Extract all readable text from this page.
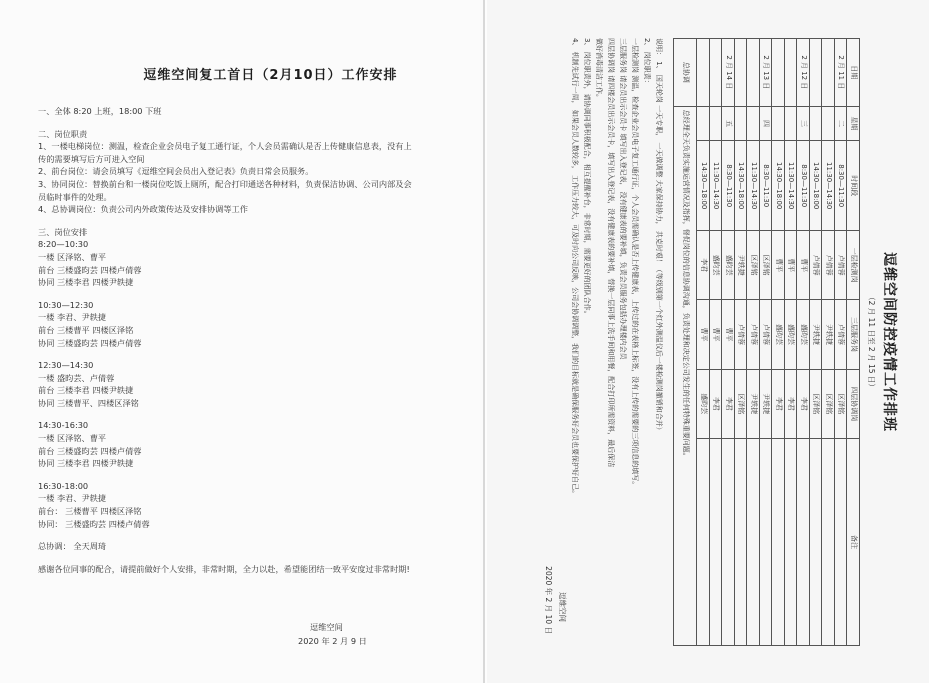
逗维空间复工首日（2月10日）工作安排
一、全体 8:20 上班，18:00 下班
二、岗位职责
1、一楼电梯岗位：测温，检查企业会员电子复工通行证，个人会员需确认是否上传健康信息表，没有上
传的需要填写后方可进入空间
2、前台岗位：请会员填写《逗维空间会员出入登记表》负责日常会员服务。
3、协同岗位：替换前台和一楼岗位吃饭上厕所，配合打印通送各种材料，负责保洁协调、公司内部及会
员临时事件的处理。
4、总协调岗位：负责公司内外政策传达及安排协调等工作
三、岗位安排
8:20—10:30
一楼 区泽铭、曹平
前台 三楼盛昀芸 四楼卢倩蓉
协同 三楼李君 四楼尹轶捷
10:30—12:30
一楼 李君、尹轶捷
前台 三楼曹平 四楼区泽铭
协同 三楼盛昀芸 四楼卢倩蓉
12:30—14:30
一楼 盛昀芸、卢倩蓉
前台 三楼李君 四楼尹轶捷
协同 三楼曹平、四楼区泽铭
14:30-16:30
一楼 区泽铭、曹平
前台 三楼盛昀芸 四楼卢倩蓉
协同 三楼李君 四楼尹轶捷
16:30-18:00
一楼 李君、尹轶捷
前台： 三楼曹平 四楼区泽铭
协同： 三楼盛昀芸 四楼卢倩蓉
总协调： 全天周琦
感谢各位同事的配合，请提前做好个人安排，非常时期，全力以赴，希望能团结一致平安度过非常时期!
逗维空间
2020 年 2 月 9 日
逗维空间防控疫情工作排班
（2 月 11 日至 2 月 15 日）
日期	星期	时间段	一层检测岗	三层服务岗	四层协调岗	备注
2 月 11 日	二	8:30—11:30	卢倩蓉	卢倩蓉	区泽铭	
		11:30—14:30	卢倩蓉	尹轶捷	区泽铭	
		14:30—18:00	卢倩蓉	尹轶捷	区泽铭	
2 月 12 日	三	8:30—11:30	曹平	盛昀芸	李君	
		11:30—14:30	曹平	盛昀芸	李君	
		14:30—18:00	曹平	盛昀芸	李君	
2 月 13 日	四	8:30—11:30	区泽铭	卢倩蓉	尹轶捷	
		11:30—14:30	区泽铭	卢倩蓉	尹轶捷	
		14:30—18:00	尹轶捷	卢倩蓉	区泽铭	
2 月 14 日	五	8:30—11:30	盛昀芸	曹平	李君	
		11:30—14:30	盛昀芸	曹平	李君	
		14:30—18:00	李君	曹平	盛昀芸	
总协调	总经理全天负责实施运营情况及指挥，督促岗位的信息协调沟通，负责处理和决定公司发生的任何特殊重要问题。					
说明： 1、 国天轮岗 一天专职， 一天做调整 大家保持协力， 共克时艰！（等级别第一个红外测温仪后一楼检测岗撤销和合并）
2、 岗位职责：
一层检测岗 测温，检查企业会员电子复工通行证，个人会员需确认是否上传健康表，上传过的在表格上标签，没有上传的需要的三项信息的填写。
三层服务岗 请会员出示会员卡 填写出入登记表， 没有健康表的要补填，负责会员服务包括办理楼内会员
四层协调岗 请四楼会员出示会员卡，填写出入登记表，没有健康表的要补填，替换一层同事上洗手间和用餐，配合打印所需资料，最后保洁
做好消毒清洁工作。
3、 岗位职责外，请协调同事积极配合，相互提醒补台，非常时期，需要更好的团队合作。
4、 机制先试行一周， 如果会员人数较多， 工作压力较大，可及时向公司反映，公司会协调调整，我们的目标就是确保服务好会员也要保护好自己。
逗维空间
2020 年 2 月 10 日
